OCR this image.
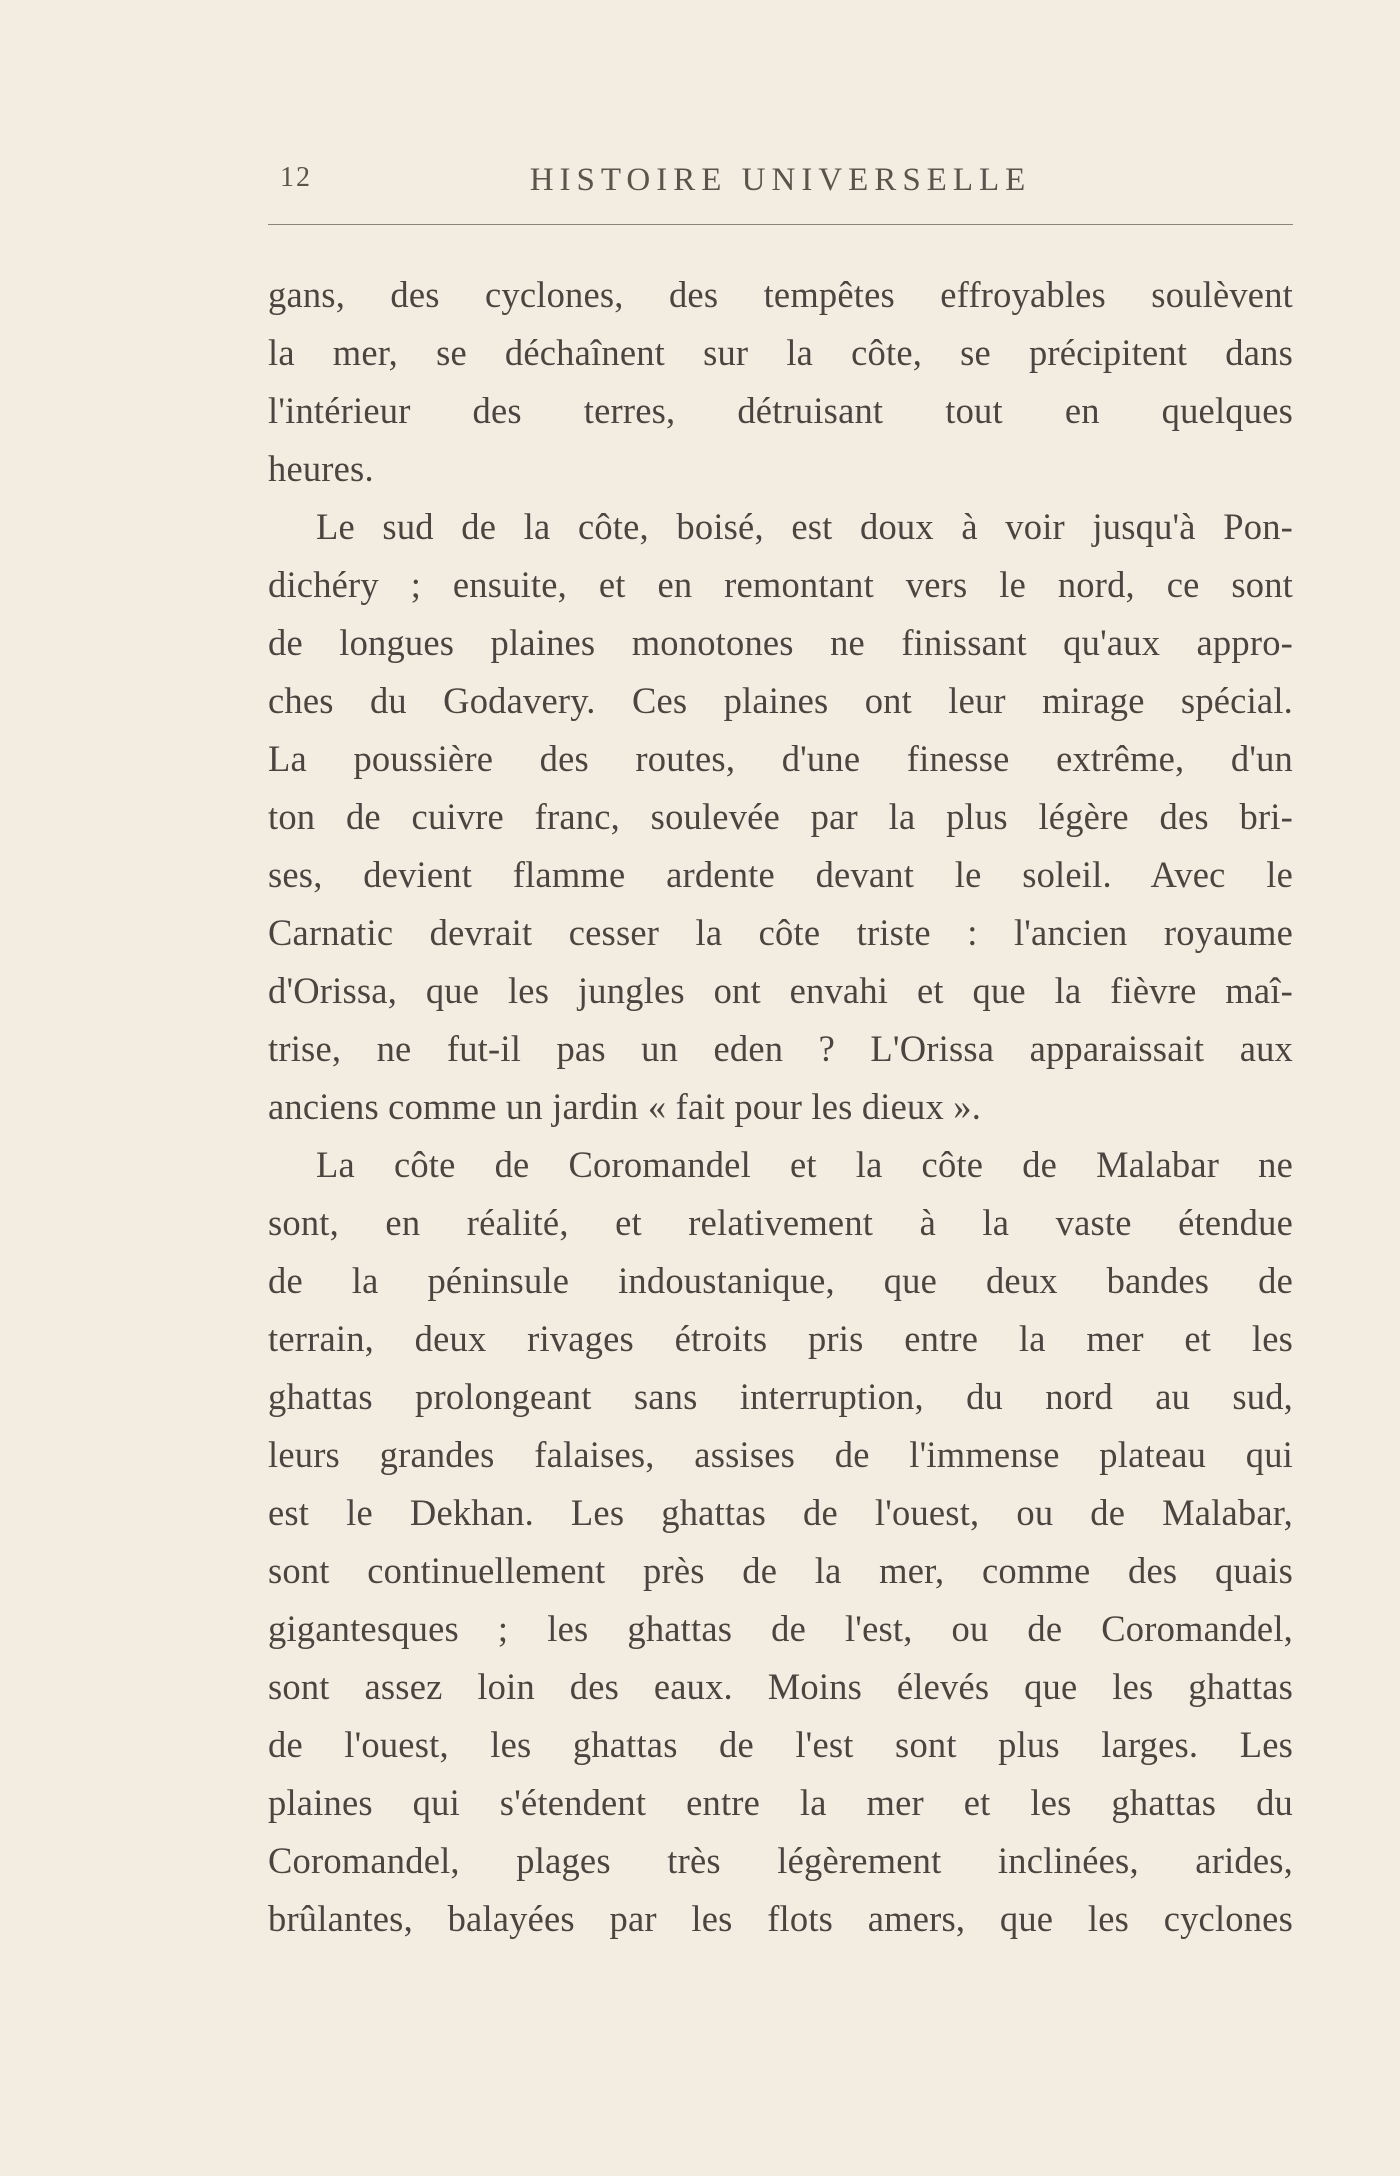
12	HISTOIRE UNIVERSELLE
gans, des cyclones, des tempêtes effroyables soulèvent
la mer, se déchaînent sur la côte, se précipitent dans
l'intérieur des terres, détruisant tout en quelques
heures.
Le sud de la côte, boisé, est doux à voir jusqu'à Pon-
dichéry ; ensuite, et en remontant vers le nord, ce sont
de longues plaines monotones ne finissant qu'aux appro-
ches du Godavery. Ces plaines ont leur mirage spécial.
La poussière des routes, d'une finesse extrême, d'un
ton de cuivre franc, soulevée par la plus légère des bri-
ses, devient flamme ardente devant le soleil. Avec le
Carnatic devrait cesser la côte triste : l'ancien royaume
d'Orissa, que les jungles ont envahi et que la fièvre maî-
trise, ne fut-il pas un eden ? L'Orissa apparaissait aux
anciens comme un jardin « fait pour les dieux ».
La côte de Coromandel et la côte de Malabar ne
sont, en réalité, et relativement à la vaste étendue
de la péninsule indoustanique, que deux bandes de
terrain, deux rivages étroits pris entre la mer et les
ghattas prolongeant sans interruption, du nord au sud,
leurs grandes falaises, assises de l'immense plateau qui
est le Dekhan. Les ghattas de l'ouest, ou de Malabar,
sont continuellement près de la mer, comme des quais
gigantesques ; les ghattas de l'est, ou de Coromandel,
sont assez loin des eaux. Moins élevés que les ghattas
de l'ouest, les ghattas de l'est sont plus larges. Les
plaines qui s'étendent entre la mer et les ghattas du
Coromandel, plages très légèrement inclinées, arides,
brûlantes, balayées par les flots amers, que les cyclones
